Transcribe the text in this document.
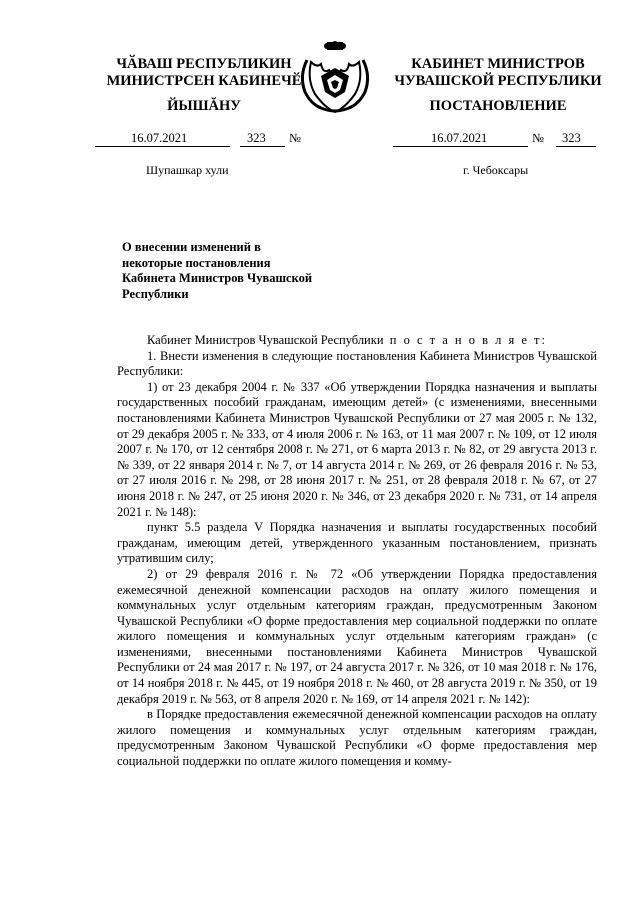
ЧӐВАШ РЕСПУБЛИКИН
МИНИСТРСЕН КАБИНЕЧӖ
ЙЫШĂНУ
КАБИНЕТ МИНИСТРОВ
ЧУВАШСКОЙ РЕСПУБЛИКИ
ПОСТАНОВЛЕНИЕ
16.07.2021	323 №	16.07.2021	№ 323
Шупашкар хули	г. Чебоксары
О внесении изменений в некоторые постановления Кабинета Министров Чувашской Республики

Кабинет Министров Чувашской Республики п о с т а н о в л я е т:

1. Внести изменения в следующие постановления Кабинета Министров Чувашской Республики:

1) от 23 декабря 2004 г. № 337 «Об утверждении Порядка назначения и выплаты государственных пособий гражданам, имеющим детей» (с изменениями, внесенными постановлениями Кабинета Министров Чувашской Республики от 27 мая 2005 г. № 132, от 29 декабря 2005 г. № 333, от 4 июля 2006 г. № 163, от 11 мая 2007 г. № 109, от 12 июля 2007 г. № 170, от 12 сентября 2008 г. № 271, от 6 марта 2013 г. № 82, от 29 августа 2013 г. № 339, от 22 января 2014 г. № 7, от 14 августа 2014 г. № 269, от 26 февраля 2016 г. № 53, от 27 июля 2016 г. № 298, от 28 июня 2017 г. № 251, от 28 февраля 2018 г. № 67, от 27 июня 2018 г. № 247, от 25 июня 2020 г. № 346, от 23 декабря 2020 г. № 731, от 14 апреля 2021 г. № 148):

пункт 5.5 раздела V Порядка назначения и выплаты государственных пособий гражданам, имеющим детей, утвержденного указанным постановлением, признать утратившим силу;

2) от 29 февраля 2016 г. № 72 «Об утверждении Порядка предоставления ежемесячной денежной компенсации расходов на оплату жилого помещения и коммунальных услуг отдельным категориям граждан, предусмотренным Законом Чувашской Республики «О форме предоставления мер социальной поддержки по оплате жилого помещения и коммунальных услуг отдельным категориям граждан» (с изменениями, внесенными постановлениями Кабинета Министров Чувашской Республики от 24 мая 2017 г. № 197, от 24 августа 2017 г. № 326, от 10 мая 2018 г. № 176, от 14 ноября 2018 г. № 445, от 19 ноября 2018 г. № 460, от 28 августа 2019 г. № 350, от 19 декабря 2019 г. № 563, от 8 апреля 2020 г. № 169, от 14 апреля 2021 г. № 142):

в Порядке предоставления ежемесячной денежной компенсации расходов на оплату жилого помещения и коммунальных услуг отдельным категориям граждан, предусмотренным Законом Чувашской Республики «О форме предоставления мер социальной поддержки по оплате жилого помещения и комму-
